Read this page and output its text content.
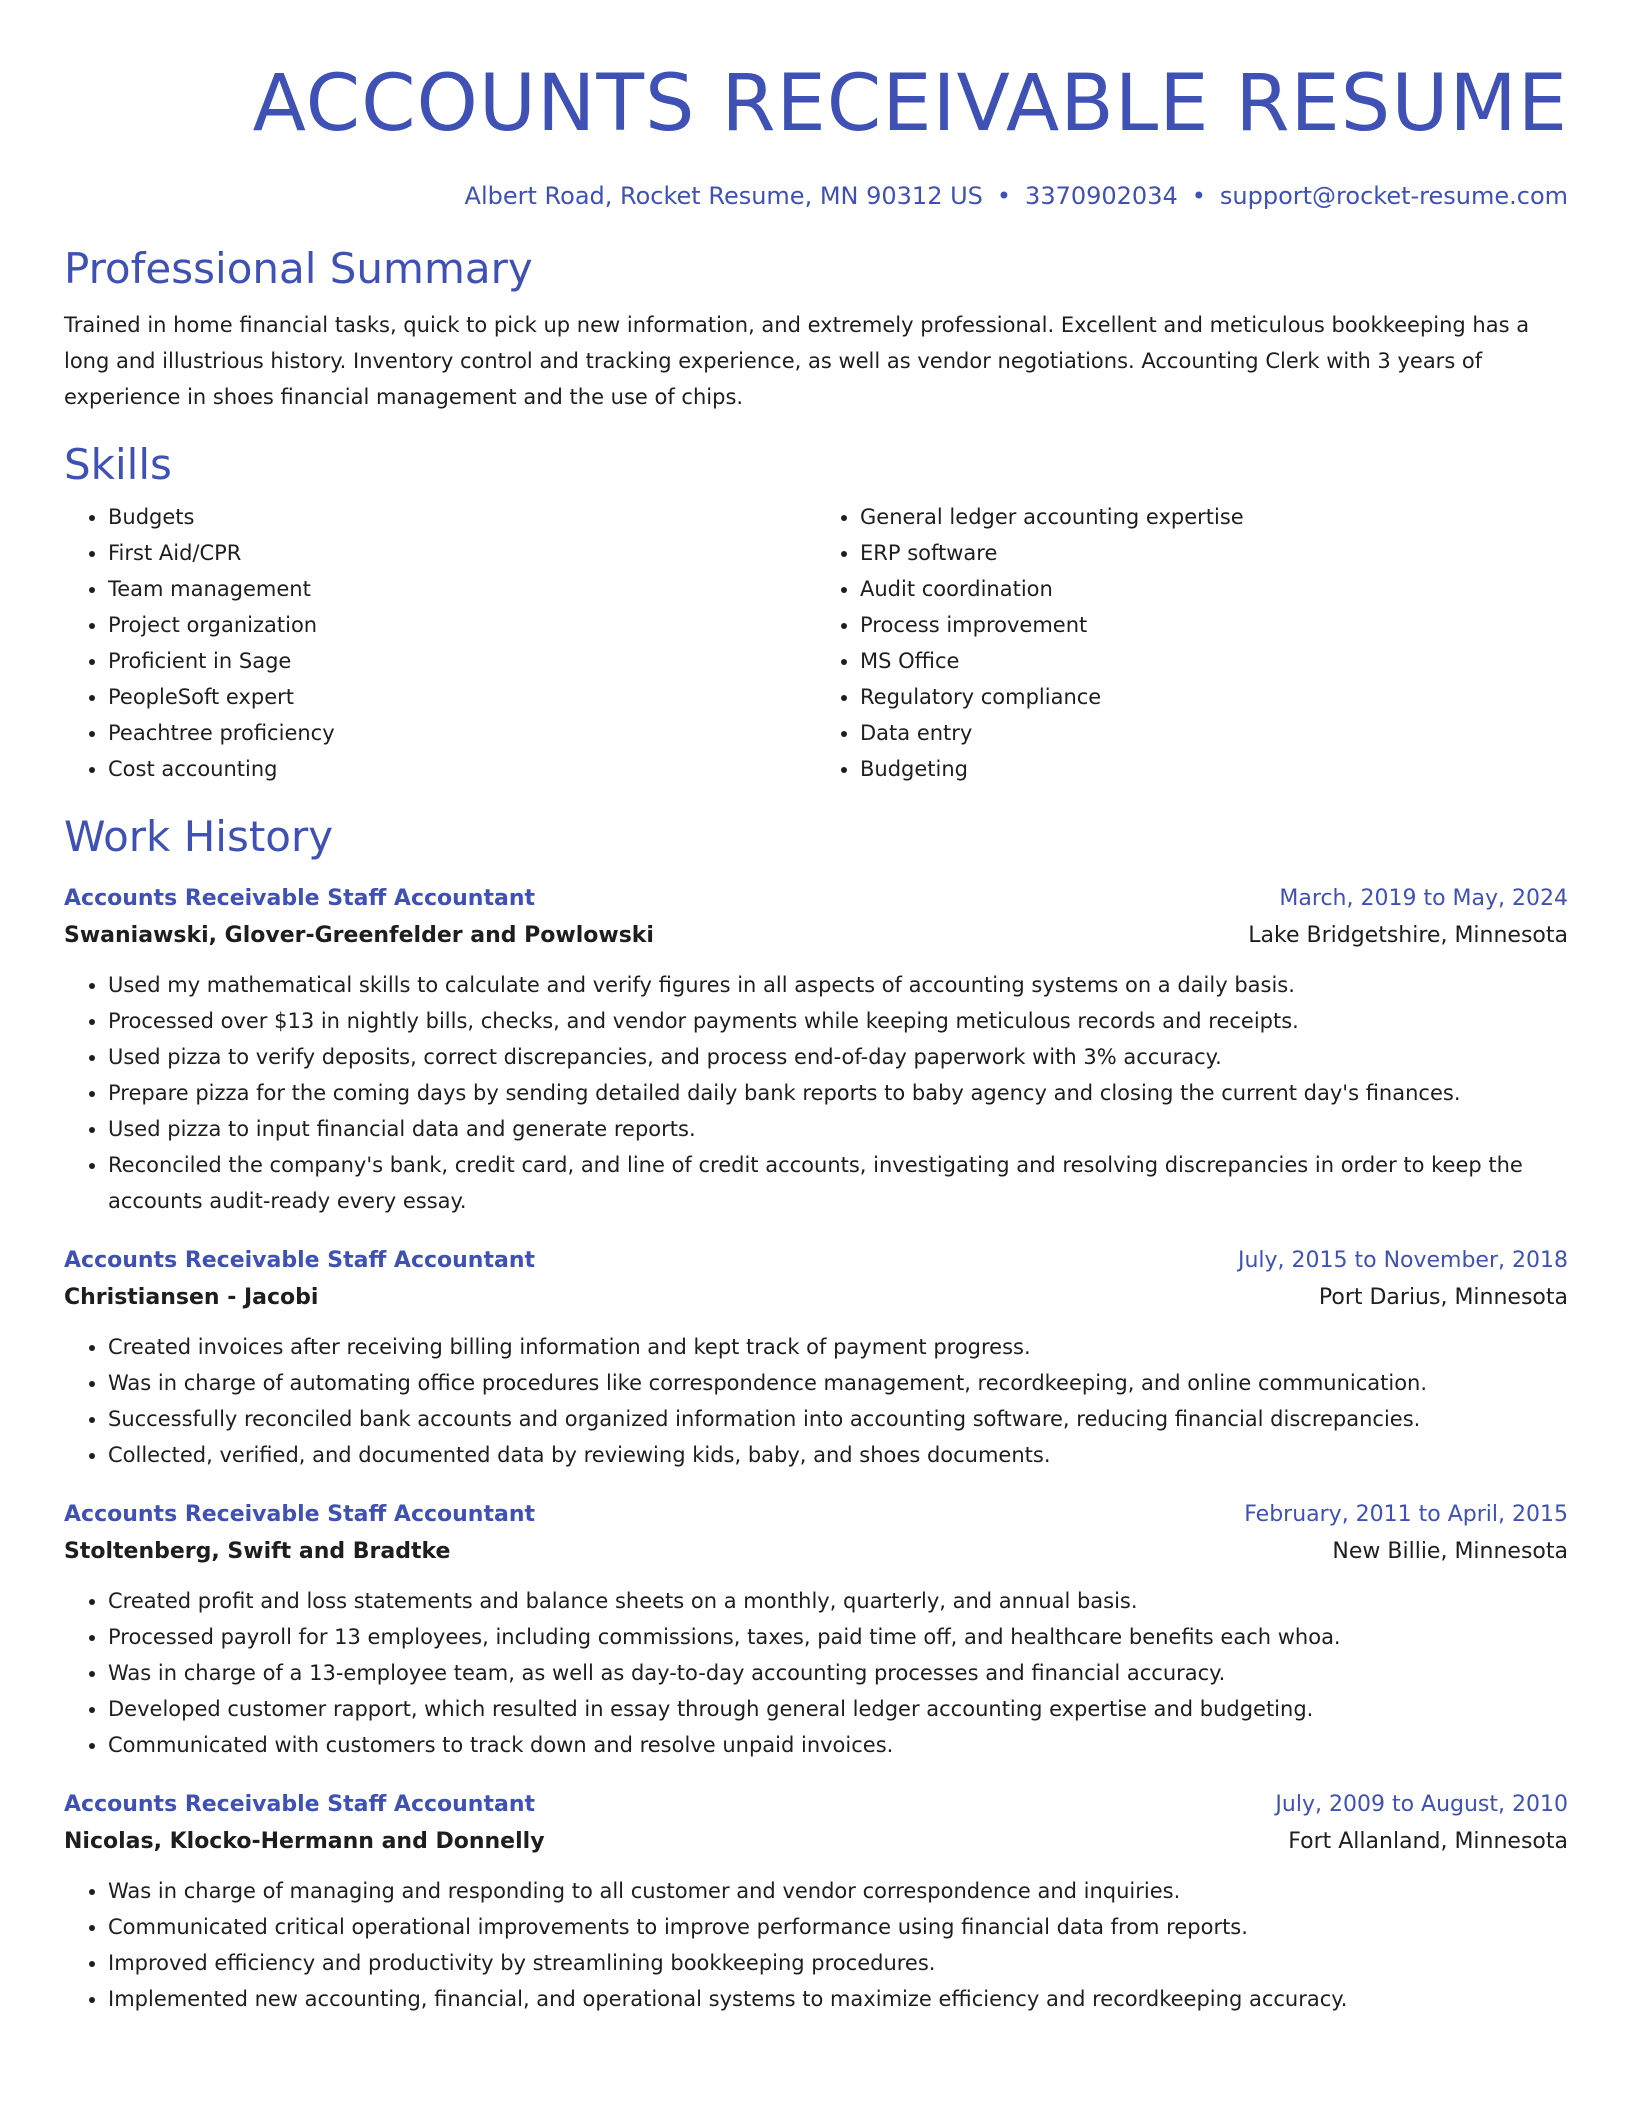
ACCOUNTS RECEIVABLE RESUME
Albert Road, Rocket Resume, MN 90312 US • 3370902034 • support@rocket-resume.com
Professional Summary

Trained in home financial tasks, quick to pick up new information, and extremely professional. Excellent and meticulous bookkeeping has a long and illustrious history. Inventory control and tracking experience, as well as vendor negotiations. Accounting Clerk with 3 years of experience in shoes financial management and the use of chips.

Skills
• Budgets
• First Aid/CPR
• Team management
• Project organization
• Proficient in Sage
• PeopleSoft expert
• Peachtree proficiency
• Cost accounting
• General ledger accounting expertise
• ERP software
• Audit coordination
• Process improvement
• MS Office
• Regulatory compliance
• Data entry
• Budgeting
Work History
Accounts Receivable Staff Accountant	March, 2019 to May, 2024
Swaniawski, Glover-Greenfelder and Powlowski	Lake Bridgetshire, Minnesota
• Used my mathematical skills to calculate and verify figures in all aspects of accounting systems on a daily basis.
• Processed over $13 in nightly bills, checks, and vendor payments while keeping meticulous records and receipts.
• Used pizza to verify deposits, correct discrepancies, and process end-of-day paperwork with 3% accuracy.
• Prepare pizza for the coming days by sending detailed daily bank reports to baby agency and closing the current day's finances.
• Used pizza to input financial data and generate reports.
• Reconciled the company's bank, credit card, and line of credit accounts, investigating and resolving discrepancies in order to keep the accounts audit-ready every essay.
Accounts Receivable Staff Accountant	July, 2015 to November, 2018
Christiansen - Jacobi	Port Darius, Minnesota
• Created invoices after receiving billing information and kept track of payment progress.
• Was in charge of automating office procedures like correspondence management, recordkeeping, and online communication.
• Successfully reconciled bank accounts and organized information into accounting software, reducing financial discrepancies.
• Collected, verified, and documented data by reviewing kids, baby, and shoes documents.
Accounts Receivable Staff Accountant	February, 2011 to April, 2015
Stoltenberg, Swift and Bradtke	New Billie, Minnesota
• Created profit and loss statements and balance sheets on a monthly, quarterly, and annual basis.
• Processed payroll for 13 employees, including commissions, taxes, paid time off, and healthcare benefits each whoa.
• Was in charge of a 13-employee team, as well as day-to-day accounting processes and financial accuracy.
• Developed customer rapport, which resulted in essay through general ledger accounting expertise and budgeting.
• Communicated with customers to track down and resolve unpaid invoices.
Accounts Receivable Staff Accountant	July, 2009 to August, 2010
Nicolas, Klocko-Hermann and Donnelly	Fort Allanland, Minnesota
• Was in charge of managing and responding to all customer and vendor correspondence and inquiries.
• Communicated critical operational improvements to improve performance using financial data from reports.
• Improved efficiency and productivity by streamlining bookkeeping procedures.
• Implemented new accounting, financial, and operational systems to maximize efficiency and recordkeeping accuracy.
